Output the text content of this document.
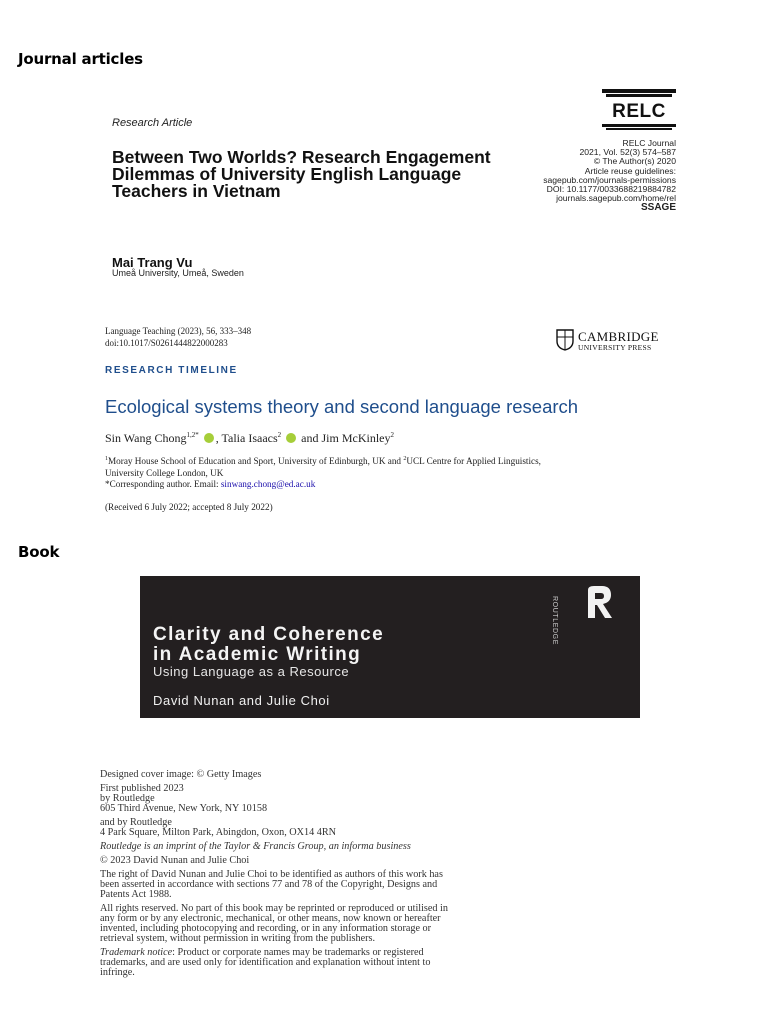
Journal articles
Research Article
Between Two Worlds? Research Engagement Dilemmas of University English Language Teachers in Vietnam
Mai Trang Vu
Umeå University, Umeå, Sweden
RELC
RELC Journal
2021, Vol. 52(3) 574–587
© The Author(s) 2020
Article reuse guidelines:
sagepub.com/journals-permissions
DOI: 10.1177/0033688219884782
journals.sagepub.com/home/rel
SSAGE
Language Teaching (2023), 56, 333–348
doi:10.1017/S0261444822000283	CAMBRIDGE
UNIVERSITY PRESS
RESEARCH TIMELINE
Ecological systems theory and second language research
Sin Wang Chong$^{1,2*}$ , Talia Isaacs$^2$  and Jim McKinley$^2$
$^1$Moray House School of Education and Sport, University of Edinburgh, UK and $^2$UCL Centre for Applied Linguistics,
University College London, UK
*Corresponding author. Email: sinwang.chong@ed.ac.uk
(Received 6 July 2022; accepted 8 July 2022)
Book
Clarity and Coherence
in Academic Writing
Using Language as a Resource
David Nunan and Julie Choi
ROUTLEDGE
Designed cover image: © Getty Images
First published 2023
by Routledge
605 Third Avenue, New York, NY 10158
and by Routledge
4 Park Square, Milton Park, Abingdon, Oxon, OX14 4RN
Routledge is an imprint of the Taylor & Francis Group, an informa business
© 2023 David Nunan and Julie Choi
The right of David Nunan and Julie Choi to be identified as authors of this work has
been asserted in accordance with sections 77 and 78 of the Copyright, Designs and
Patents Act 1988.
All rights reserved. No part of this book may be reprinted or reproduced or utilised in
any form or by any electronic, mechanical, or other means, now known or hereafter
invented, including photocopying and recording, or in any information storage or
retrieval system, without permission in writing from the publishers.
Trademark notice: Product or corporate names may be trademarks or registered
trademarks, and are used only for identification and explanation without intent to
infringe.
